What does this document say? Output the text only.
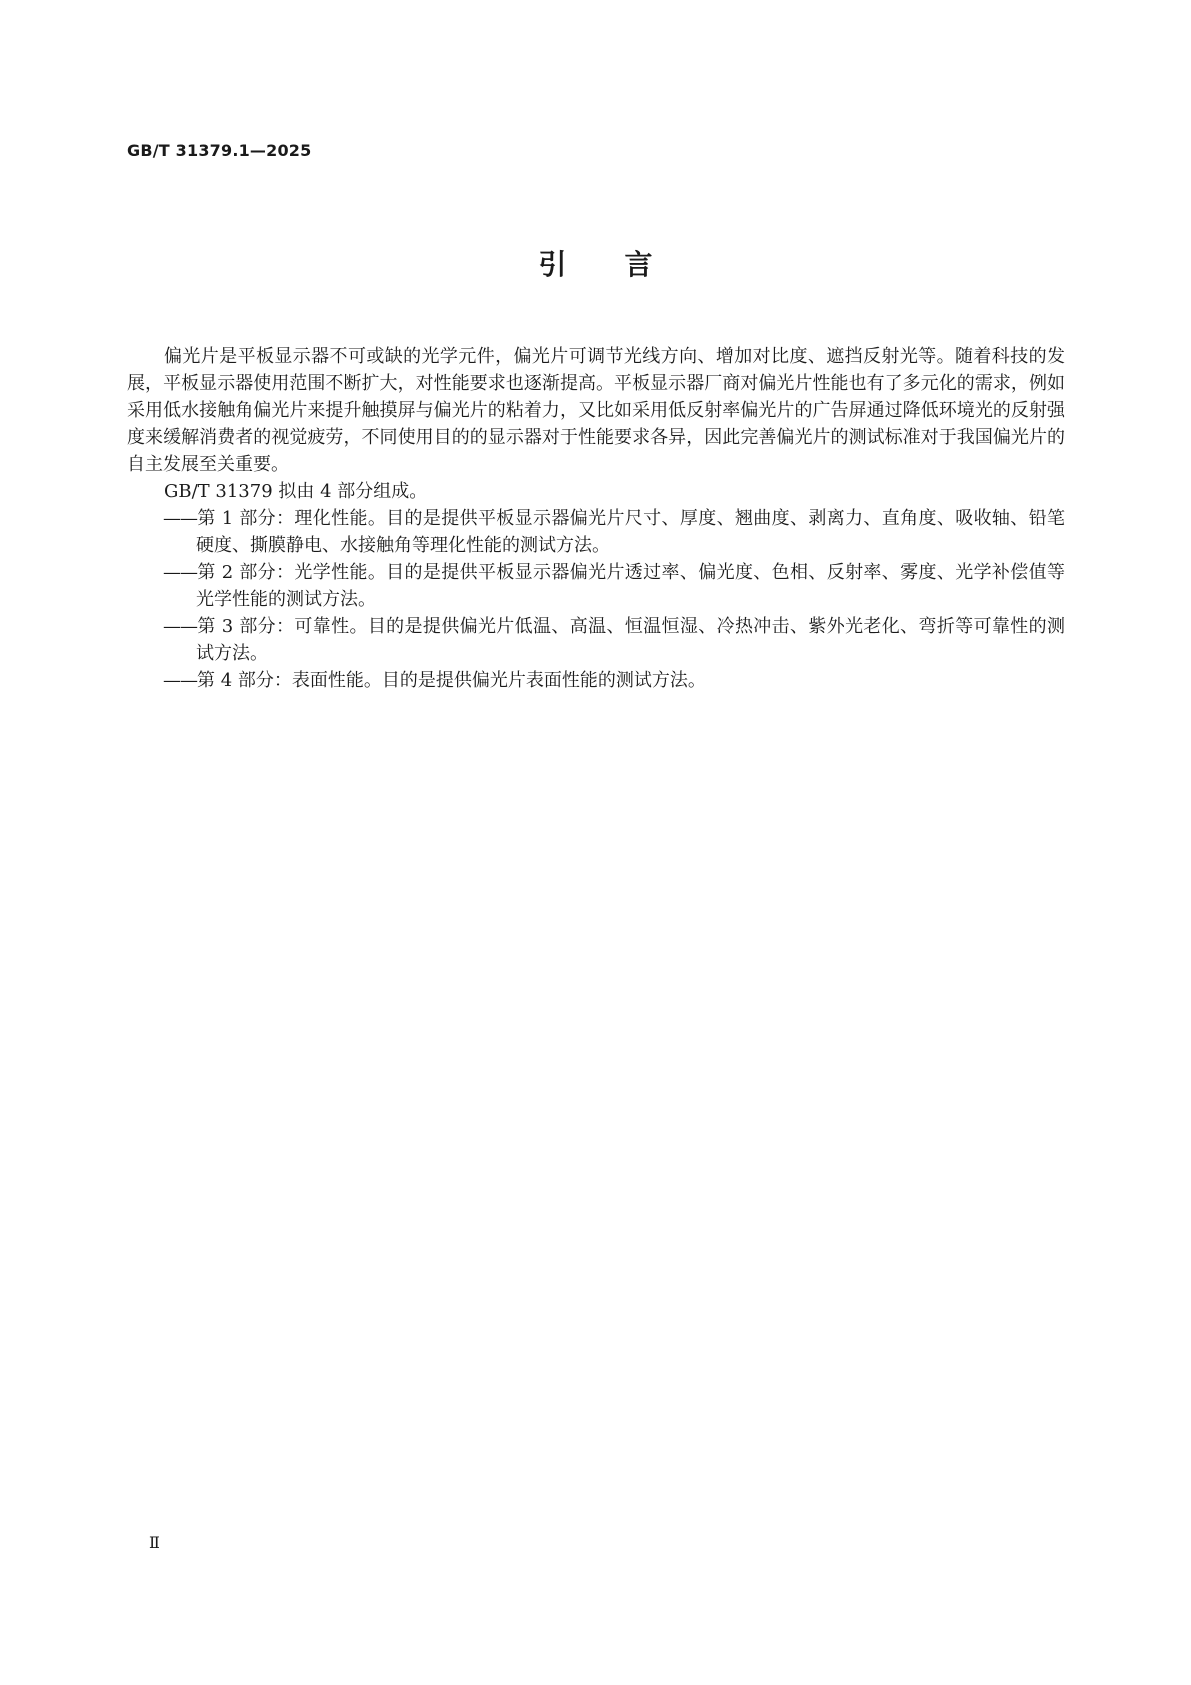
GB/T 31379.1—2025
引言

偏光片是平板显示器不可或缺的光学元件，偏光片可调节光线方向、增加对比度、遮挡反射光等。随着科技的发展，平板显示器使用范围不断扩大，对性能要求也逐渐提高。平板显示器厂商对偏光片性能也有了多元化的需求，例如采用低水接触角偏光片来提升触摸屏与偏光片的粘着力，又比如采用低反射率偏光片的广告屏通过降低环境光的反射强度来缓解消费者的视觉疲劳，不同使用目的的显示器对于性能要求各异，因此完善偏光片的测试标准对于我国偏光片的自主发展至关重要。

GB/T 31379 拟由 4 部分组成。

——第 1 部分：理化性能。目的是提供平板显示器偏光片尺寸、厚度、翘曲度、剥离力、直角度、吸收轴、铅笔硬度、撕膜静电、水接触角等理化性能的测试方法。

——第 2 部分：光学性能。目的是提供平板显示器偏光片透过率、偏光度、色相、反射率、雾度、光学补偿值等光学性能的测试方法。

——第 3 部分：可靠性。目的是提供偏光片低温、高温、恒温恒湿、冷热冲击、紫外光老化、弯折等可靠性的测试方法。

——第 4 部分：表面性能。目的是提供偏光片表面性能的测试方法。

Ⅱ
